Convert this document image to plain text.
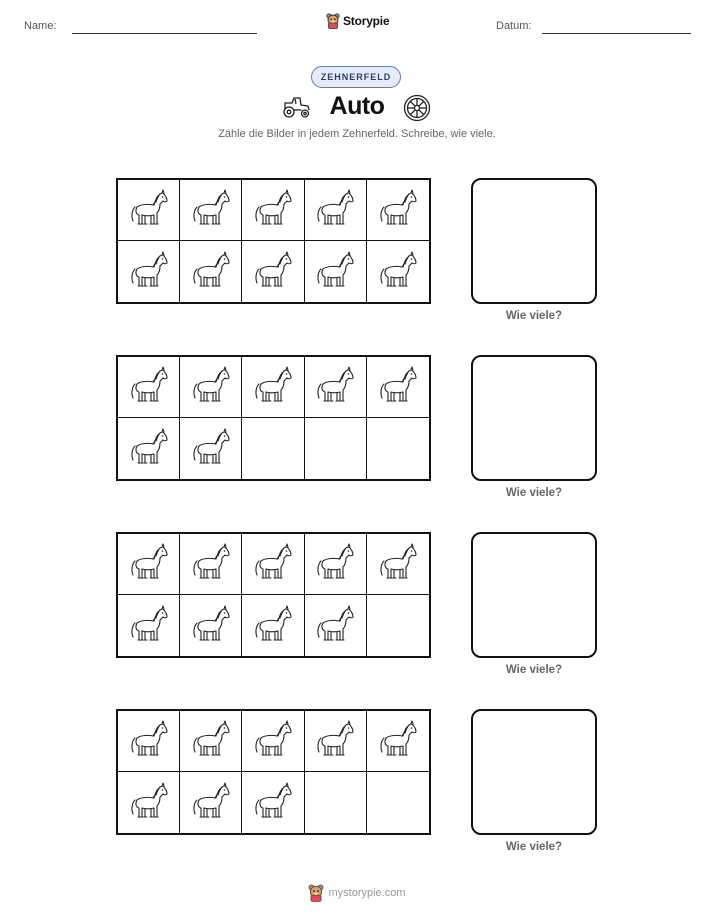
Name:	Storypie	Datum:
ZEHNERFELD
Auto
Zähle die Bilder in jedem Zehnerfeld. Schreibe, wie viele.
Wie viele?
Wie viele?
Wie viele?
Wie viele?
mystorypie.com
